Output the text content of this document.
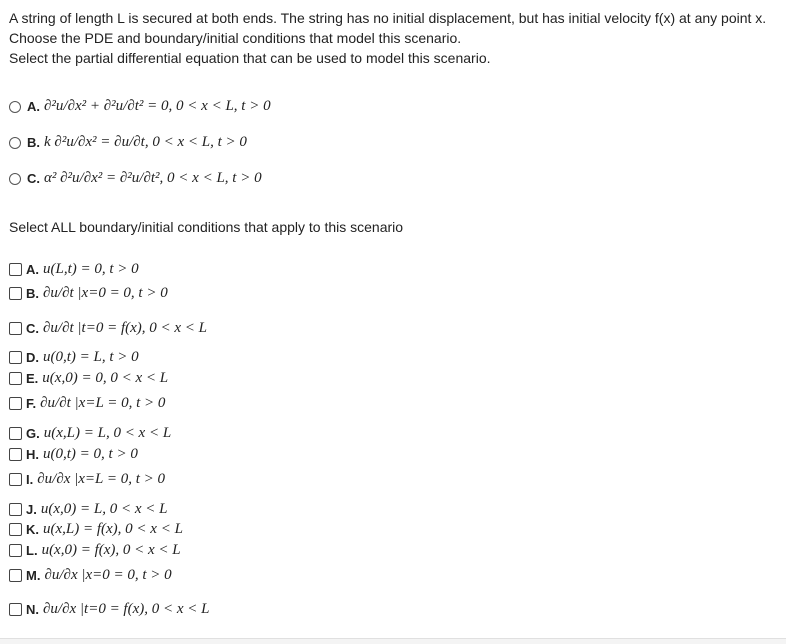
A string of length L is secured at both ends. The string has no initial displacement, but has initial velocity f(x) at any point x.

Choose the PDE and boundary/initial conditions that model this scenario.

Select the partial differential equation that can be used to model this scenario.

A. ∂²u/∂x² + ∂²u/∂t² = 0, 0 < x < L, t > 0
B. k ∂²u/∂x² = ∂u/∂t, 0 < x < L, t > 0
C. α² ∂²u/∂x² = ∂²u/∂t², 0 < x < L, t > 0
Select ALL boundary/initial conditions that apply to this scenario
A. u(L,t) = 0, t > 0
B. ∂u/∂t |x=0 = 0, t > 0
C. ∂u/∂t |t=0 = f(x), 0 < x < L
D. u(0,t) = L, t > 0
E. u(x,0) = 0, 0 < x < L
F. ∂u/∂t |x=L = 0, t > 0
G. u(x,L) = L, 0 < x < L
H. u(0,t) = 0, t > 0
I. ∂u/∂x |x=L = 0, t > 0
J. u(x,0) = L, 0 < x < L
K. u(x,L) = f(x), 0 < x < L
L. u(x,0) = f(x), 0 < x < L
M. ∂u/∂x |x=0 = 0, t > 0
N. ∂u/∂x |t=0 = f(x), 0 < x < L
